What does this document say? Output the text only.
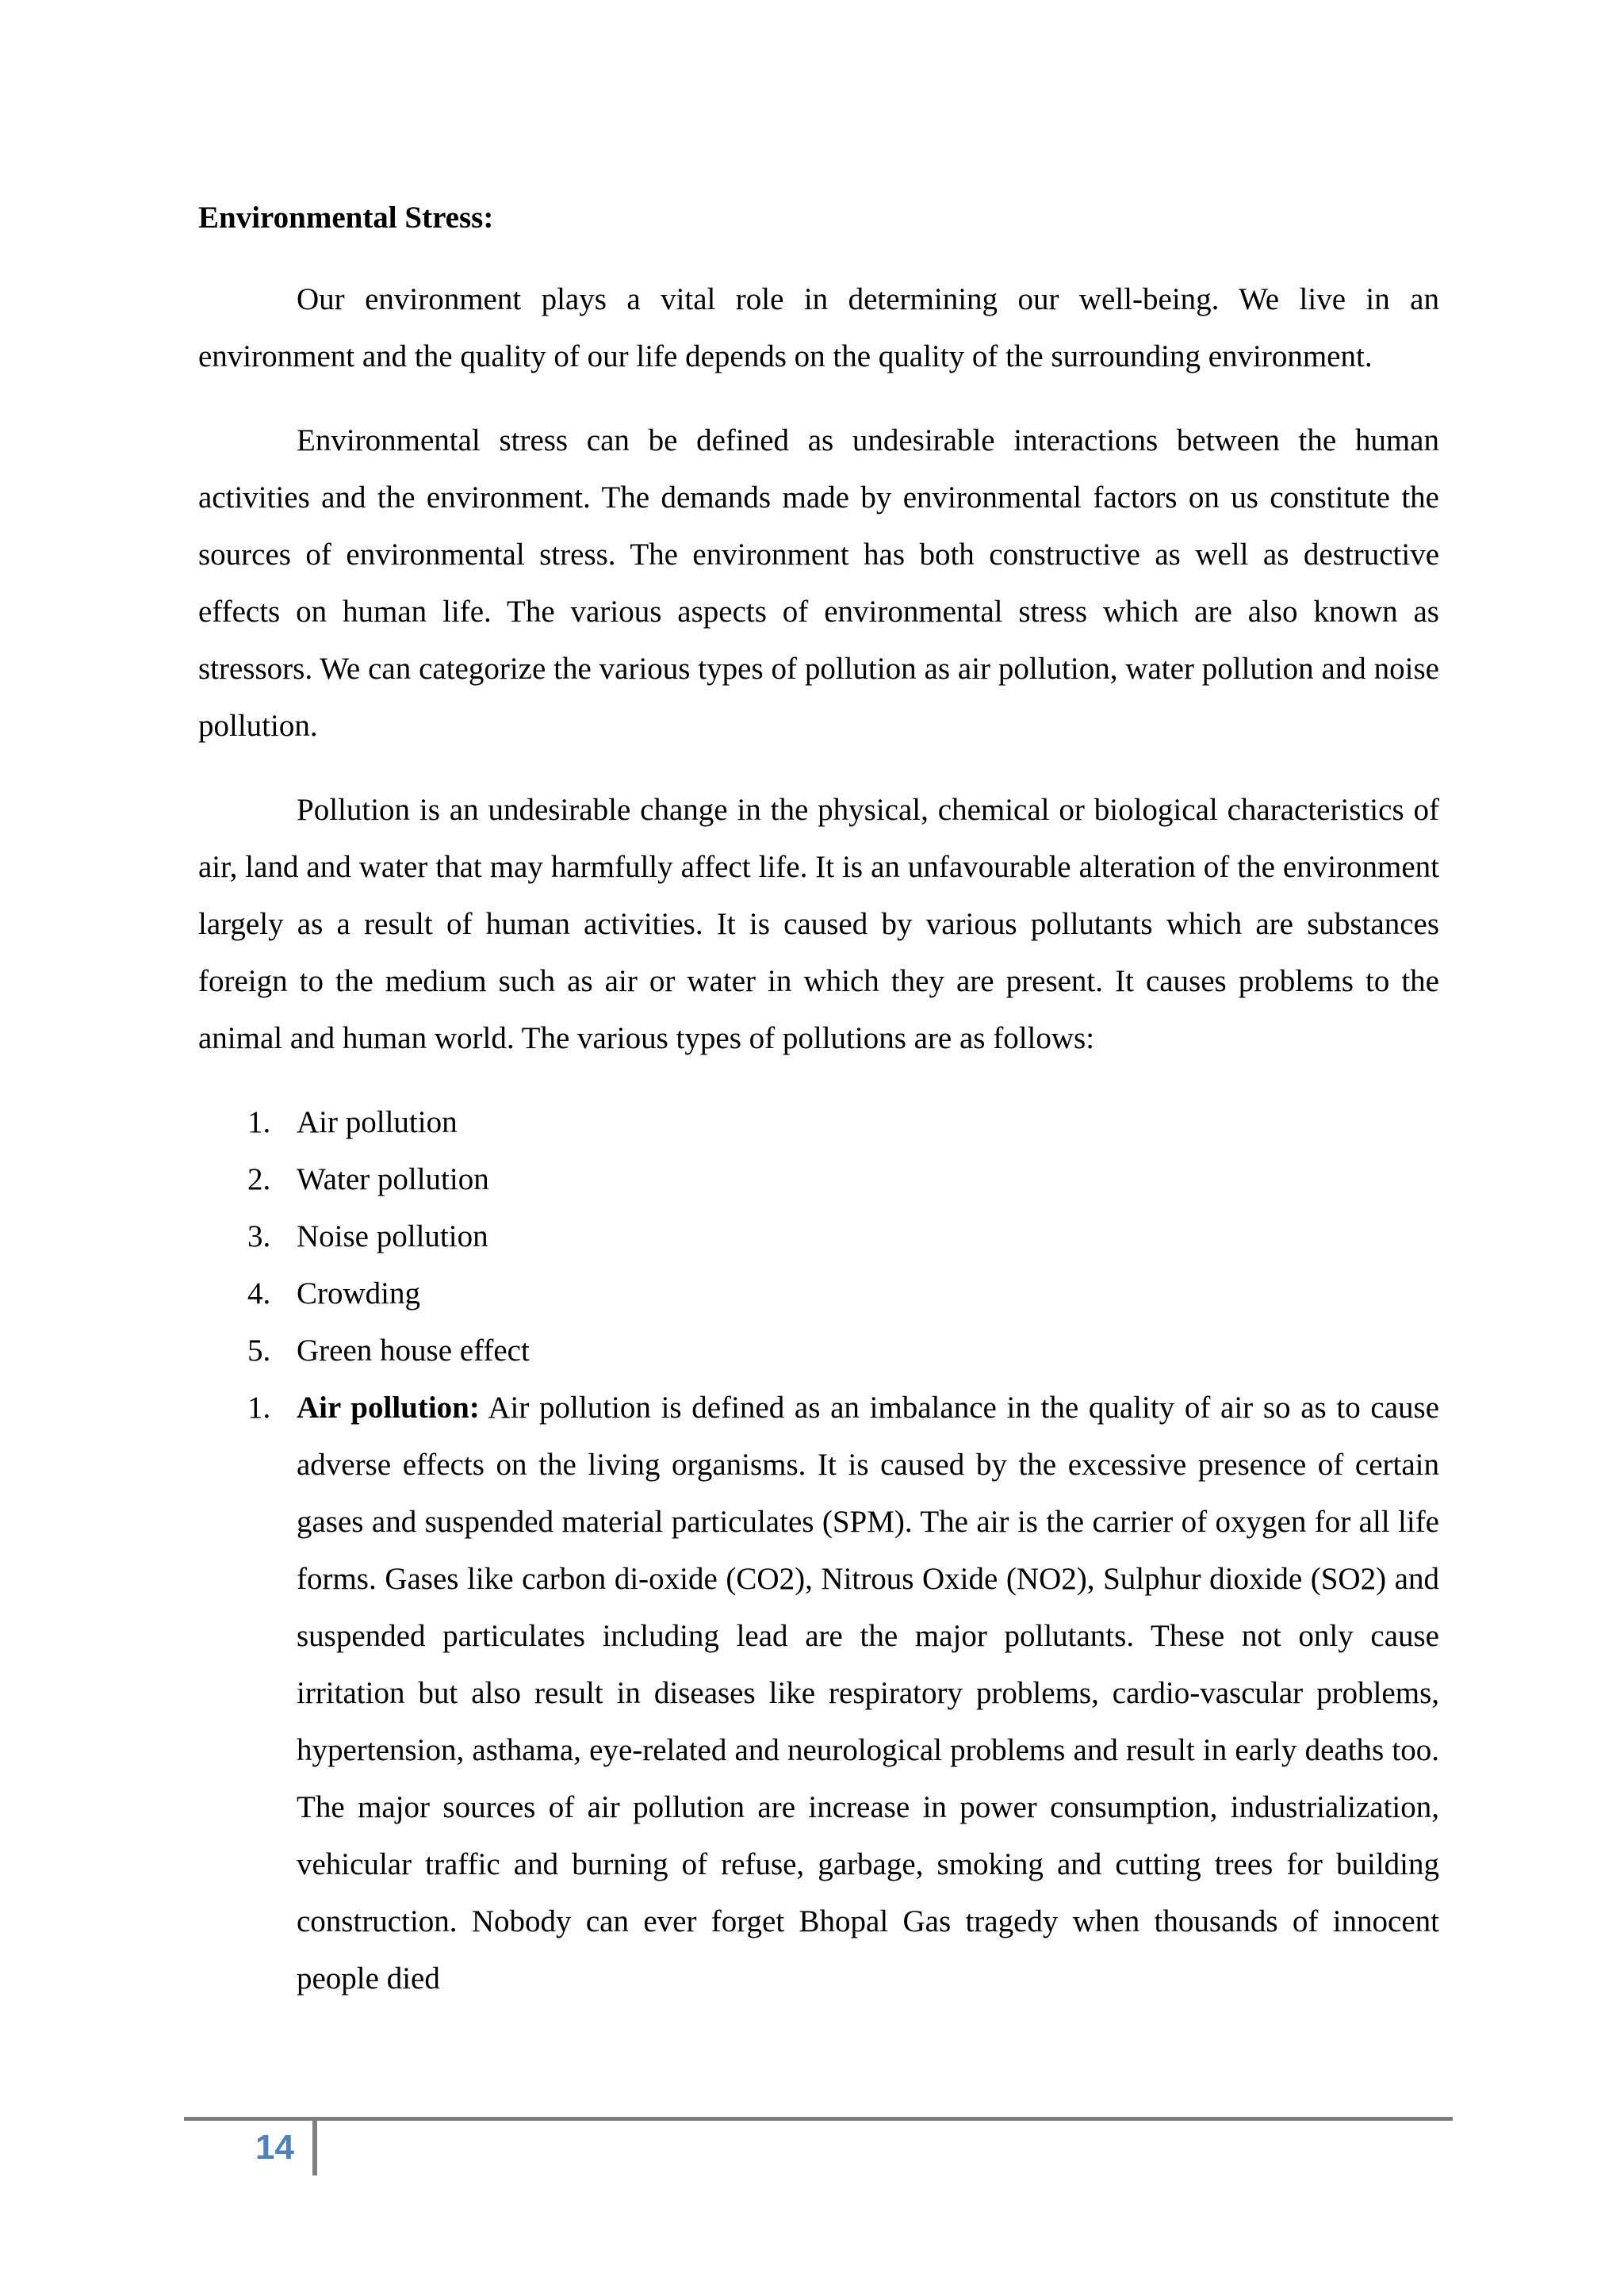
Environmental Stress:

Our environment plays a vital role in determining our well-being. We live in an environment and the quality of our life depends on the quality of the surrounding environment.

Environmental stress can be defined as undesirable interactions between the human activities and the environment. The demands made by environmental factors on us constitute the sources of environmental stress. The environment has both constructive as well as destructive effects on human life. The various aspects of environmental stress which are also known as stressors. We can categorize the various types of pollution as air pollution, water pollution and noise pollution.

Pollution is an undesirable change in the physical, chemical or biological characteristics of air, land and water that may harmfully affect life. It is an unfavourable alteration of the environment largely as a result of human activities. It is caused by various pollutants which are substances foreign to the medium such as air or water in which they are present. It causes problems to the animal and human world. The various types of pollutions are as follows:

1. Air pollution
2. Water pollution
3. Noise pollution
4. Crowding
5. Green house effect

1. Air pollution: Air pollution is defined as an imbalance in the quality of air so as to cause adverse effects on the living organisms. It is caused by the excessive presence of certain gases and suspended material particulates (SPM). The air is the carrier of oxygen for all life forms. Gases like carbon di-oxide (CO2), Nitrous Oxide (NO2), Sulphur dioxide (SO2) and suspended particulates including lead are the major pollutants. These not only cause irritation but also result in diseases like respiratory problems, cardio-vascular problems, hypertension, asthama, eye-related and neurological problems and result in early deaths too. The major sources of air pollution are increase in power consumption, industrialization, vehicular traffic and burning of refuse, garbage, smoking and cutting trees for building construction. Nobody can ever forget Bhopal Gas tragedy when thousands of innocent people died

14
